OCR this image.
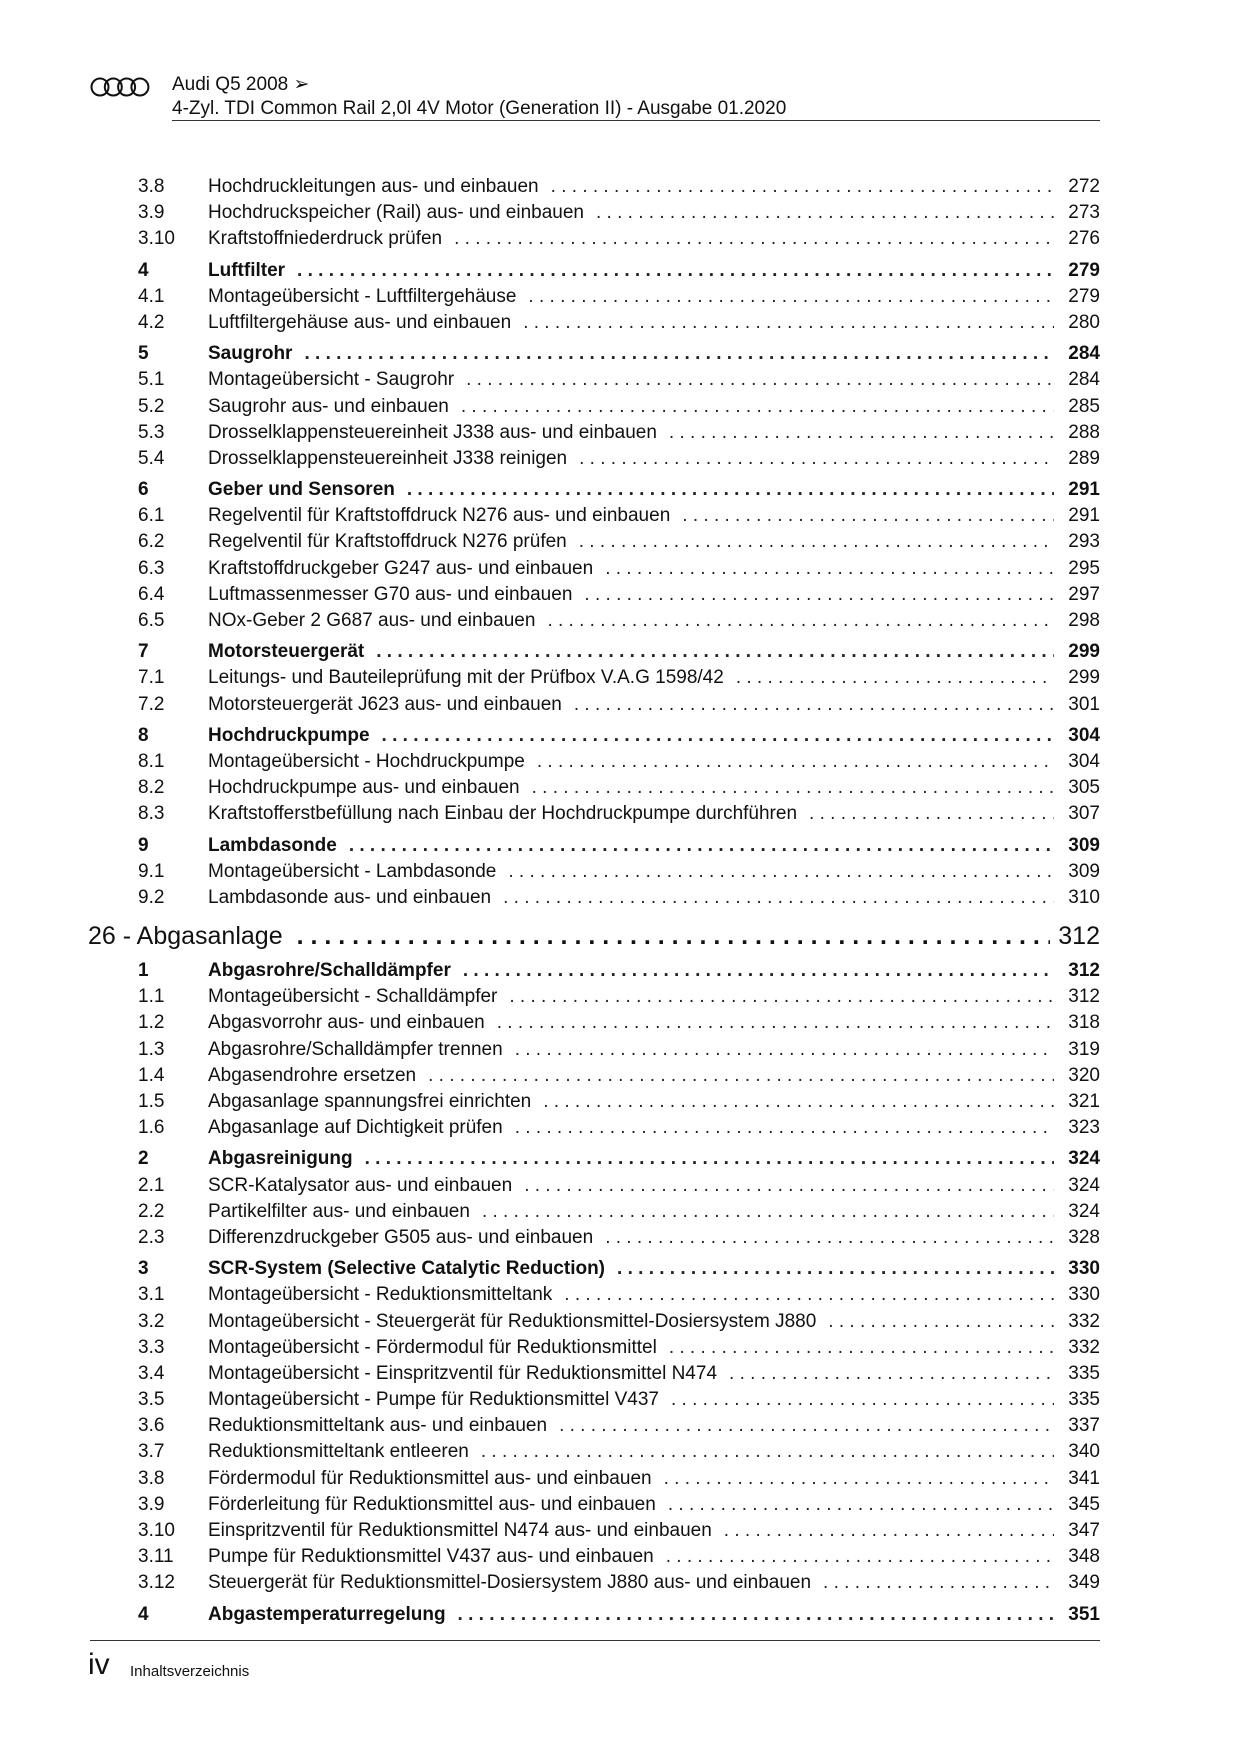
Audi Q5 2008 ➢
4-Zyl. TDI Common Rail 2,0l 4V Motor (Generation II) - Ausgabe 01.2020
3.8	Hochdruckleitungen aus- und einbauen . . .	272
3.9	Hochdruckspeicher (Rail) aus- und einbauen . . .	273
3.10	Kraftstoffniederdruck prüfen . . .	276
4	Luftfilter . . .	279
4.1	Montageübersicht - Luftfiltergehäuse . . .	279
4.2	Luftfiltergehäuse aus- und einbauen . . .	280
5	Saugrohr . . .	284
5.1	Montageübersicht - Saugrohr . . .	284
5.2	Saugrohr aus- und einbauen . . .	285
5.3	Drosselklappensteuereinheit J338 aus- und einbauen . . .	288
5.4	Drosselklappensteuereinheit J338 reinigen . . .	289
6	Geber und Sensoren . . .	291
6.1	Regelventil für Kraftstoffdruck N276 aus- und einbauen . . .	291
6.2	Regelventil für Kraftstoffdruck N276 prüfen . . .	293
6.3	Kraftstoffdruckgeber G247 aus- und einbauen . . .	295
6.4	Luftmassenmesser G70 aus- und einbauen . . .	297
6.5	NOx-Geber 2 G687 aus- und einbauen . . .	298
7	Motorsteuergerät . . .	299
7.1	Leitungs- und Bauteileprüfung mit der Prüfbox V.A.G 1598/42 . . .	299
7.2	Motorsteuergerät J623 aus- und einbauen . . .	301
8	Hochdruckpumpe . . .	304
8.1	Montageübersicht - Hochdruckpumpe . . .	304
8.2	Hochdruckpumpe aus- und einbauen . . .	305
8.3	Kraftstofferstbefüllung nach Einbau der Hochdruckpumpe durchführen . . .	307
9	Lambdasonde . . .	309
9.1	Montageübersicht - Lambdasonde . . .	309
9.2	Lambdasonde aus- und einbauen . . .	310
26 - Abgasanlage . . .	312
1	Abgasrohre/Schalldämpfer . . .	312
1.1	Montageübersicht - Schalldämpfer . . .	312
1.2	Abgasvorrohr aus- und einbauen . . .	318
1.3	Abgasrohre/Schalldämpfer trennen . . .	319
1.4	Abgasendrohre ersetzen . . .	320
1.5	Abgasanlage spannungsfrei einrichten . . .	321
1.6	Abgasanlage auf Dichtigkeit prüfen . . .	323
2	Abgasreinigung . . .	324
2.1	SCR-Katalysator aus- und einbauen . . .	324
2.2	Partikelfilter aus- und einbauen . . .	324
2.3	Differenzdruckgeber G505 aus- und einbauen . . .	328
3	SCR-System (Selective Catalytic Reduction) . . .	330
3.1	Montageübersicht - Reduktionsmitteltank . . .	330
3.2	Montageübersicht - Steuergerät für Reduktionsmittel-Dosiersystem J880 . . .	332
3.3	Montageübersicht - Fördermodul für Reduktionsmittel . . .	332
3.4	Montageübersicht - Einspritzventil für Reduktionsmittel N474 . . .	335
3.5	Montageübersicht - Pumpe für Reduktionsmittel V437 . . .	335
3.6	Reduktionsmitteltank aus- und einbauen . . .	337
3.7	Reduktionsmitteltank entleeren . . .	340
3.8	Fördermodul für Reduktionsmittel aus- und einbauen . . .	341
3.9	Förderleitung für Reduktionsmittel aus- und einbauen . . .	345
3.10	Einspritzventil für Reduktionsmittel N474 aus- und einbauen . . .	347
3.11	Pumpe für Reduktionsmittel V437 aus- und einbauen . . .	348
3.12	Steuergerät für Reduktionsmittel-Dosiersystem J880 aus- und einbauen . . .	349
4	Abgastemperaturregelung . . .	351
iv Inhaltsverzeichnis
